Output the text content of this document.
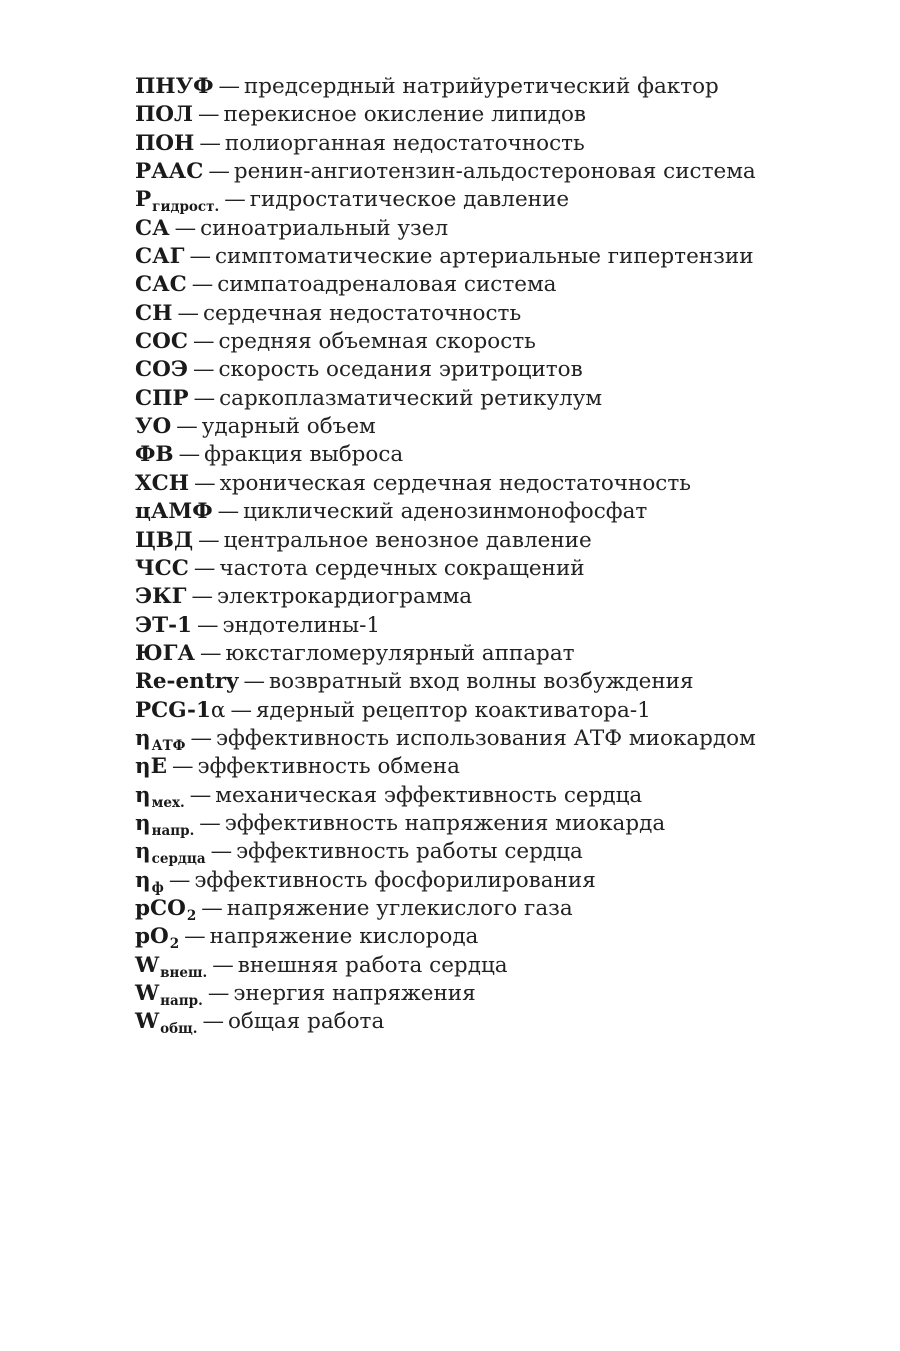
ПНУФ — предсердный натрийуретический фактор
ПОЛ — перекисное окисление липидов
ПОН — полиорганная недостаточность
РААС — ренин-ангиотензин-альдостероновая система
$P_{гидрост.}$ — гидростатическое давление
СА — синоатриальный узел
САГ — симптоматические артериальные гипертензии
САС — симпатоадреналовая система
СН — сердечная недостаточность
СОС — средняя объемная скорость
СОЭ — скорость оседания эритроцитов
СПР — саркоплазматический ретикулум
УО — ударный объем
ФВ — фракция выброса
ХСН — хроническая сердечная недостаточность
цАМФ — циклический аденозинмонофосфат
ЦВД — центральное венозное давление
ЧСС — частота сердечных сокращений
ЭКГ — электрокардиограмма
ЭТ-1 — эндотелины-1
ЮГА — юкстагломерулярный аппарат
Re-entry — возвратный вход волны возбуждения
PCG-1α — ядерный рецептор коактиватора-1
$\eta_{АТФ}$ — эффективность использования АТФ миокардом
ηE — эффективность обмена
$\eta_{мех.}$ — механическая эффективность сердца
$\eta_{напр.}$ — эффективность напряжения миокарда
$\eta_{сердца}$ — эффективность работы сердца
$\eta_ф$ — эффективность фосфорилирования
pCO$_2$ — напряжение углекислого газа
$pO_2$ — напряжение кислорода
$W_{внеш.}$ — внешняя работа сердца
$W_{напр.}$ — энергия напряжения
$W_{общ.}$ — общая работа
